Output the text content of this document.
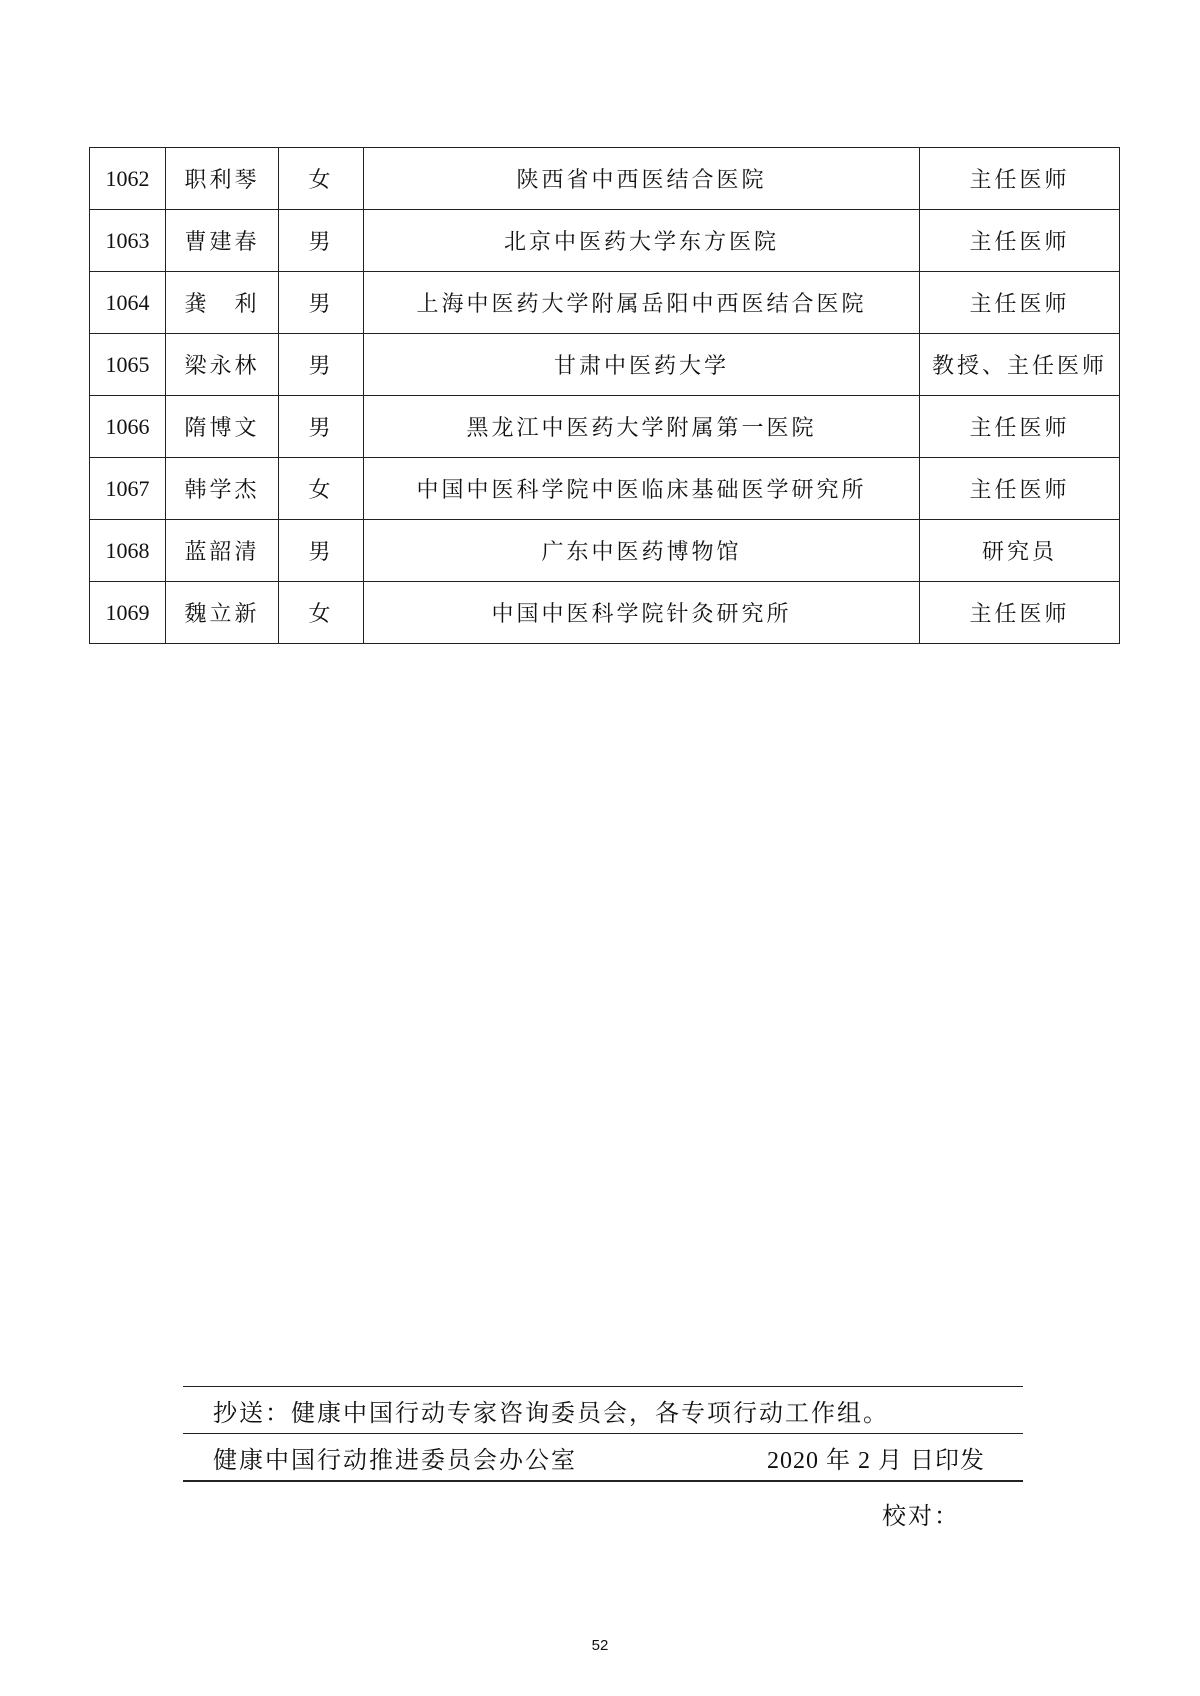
1062	职利琴	女	陕西省中西医结合医院	主任医师
1063	曹建春	男	北京中医药大学东方医院	主任医师
1064	龚　利	男	上海中医药大学附属岳阳中西医结合医院	主任医师
1065	梁永林	男	甘肃中医药大学	教授、主任医师
1066	隋博文	男	黑龙江中医药大学附属第一医院	主任医师
1067	韩学杰	女	中国中医科学院中医临床基础医学研究所	主任医师
1068	蓝韶清	男	广东中医药博物馆	研究员
1069	魏立新	女	中国中医科学院针灸研究所	主任医师
抄送：健康中国行动专家咨询委员会，各专项行动工作组。
健康中国行动推进委员会办公室	2020 年 2 月 日印发
校对：
52
